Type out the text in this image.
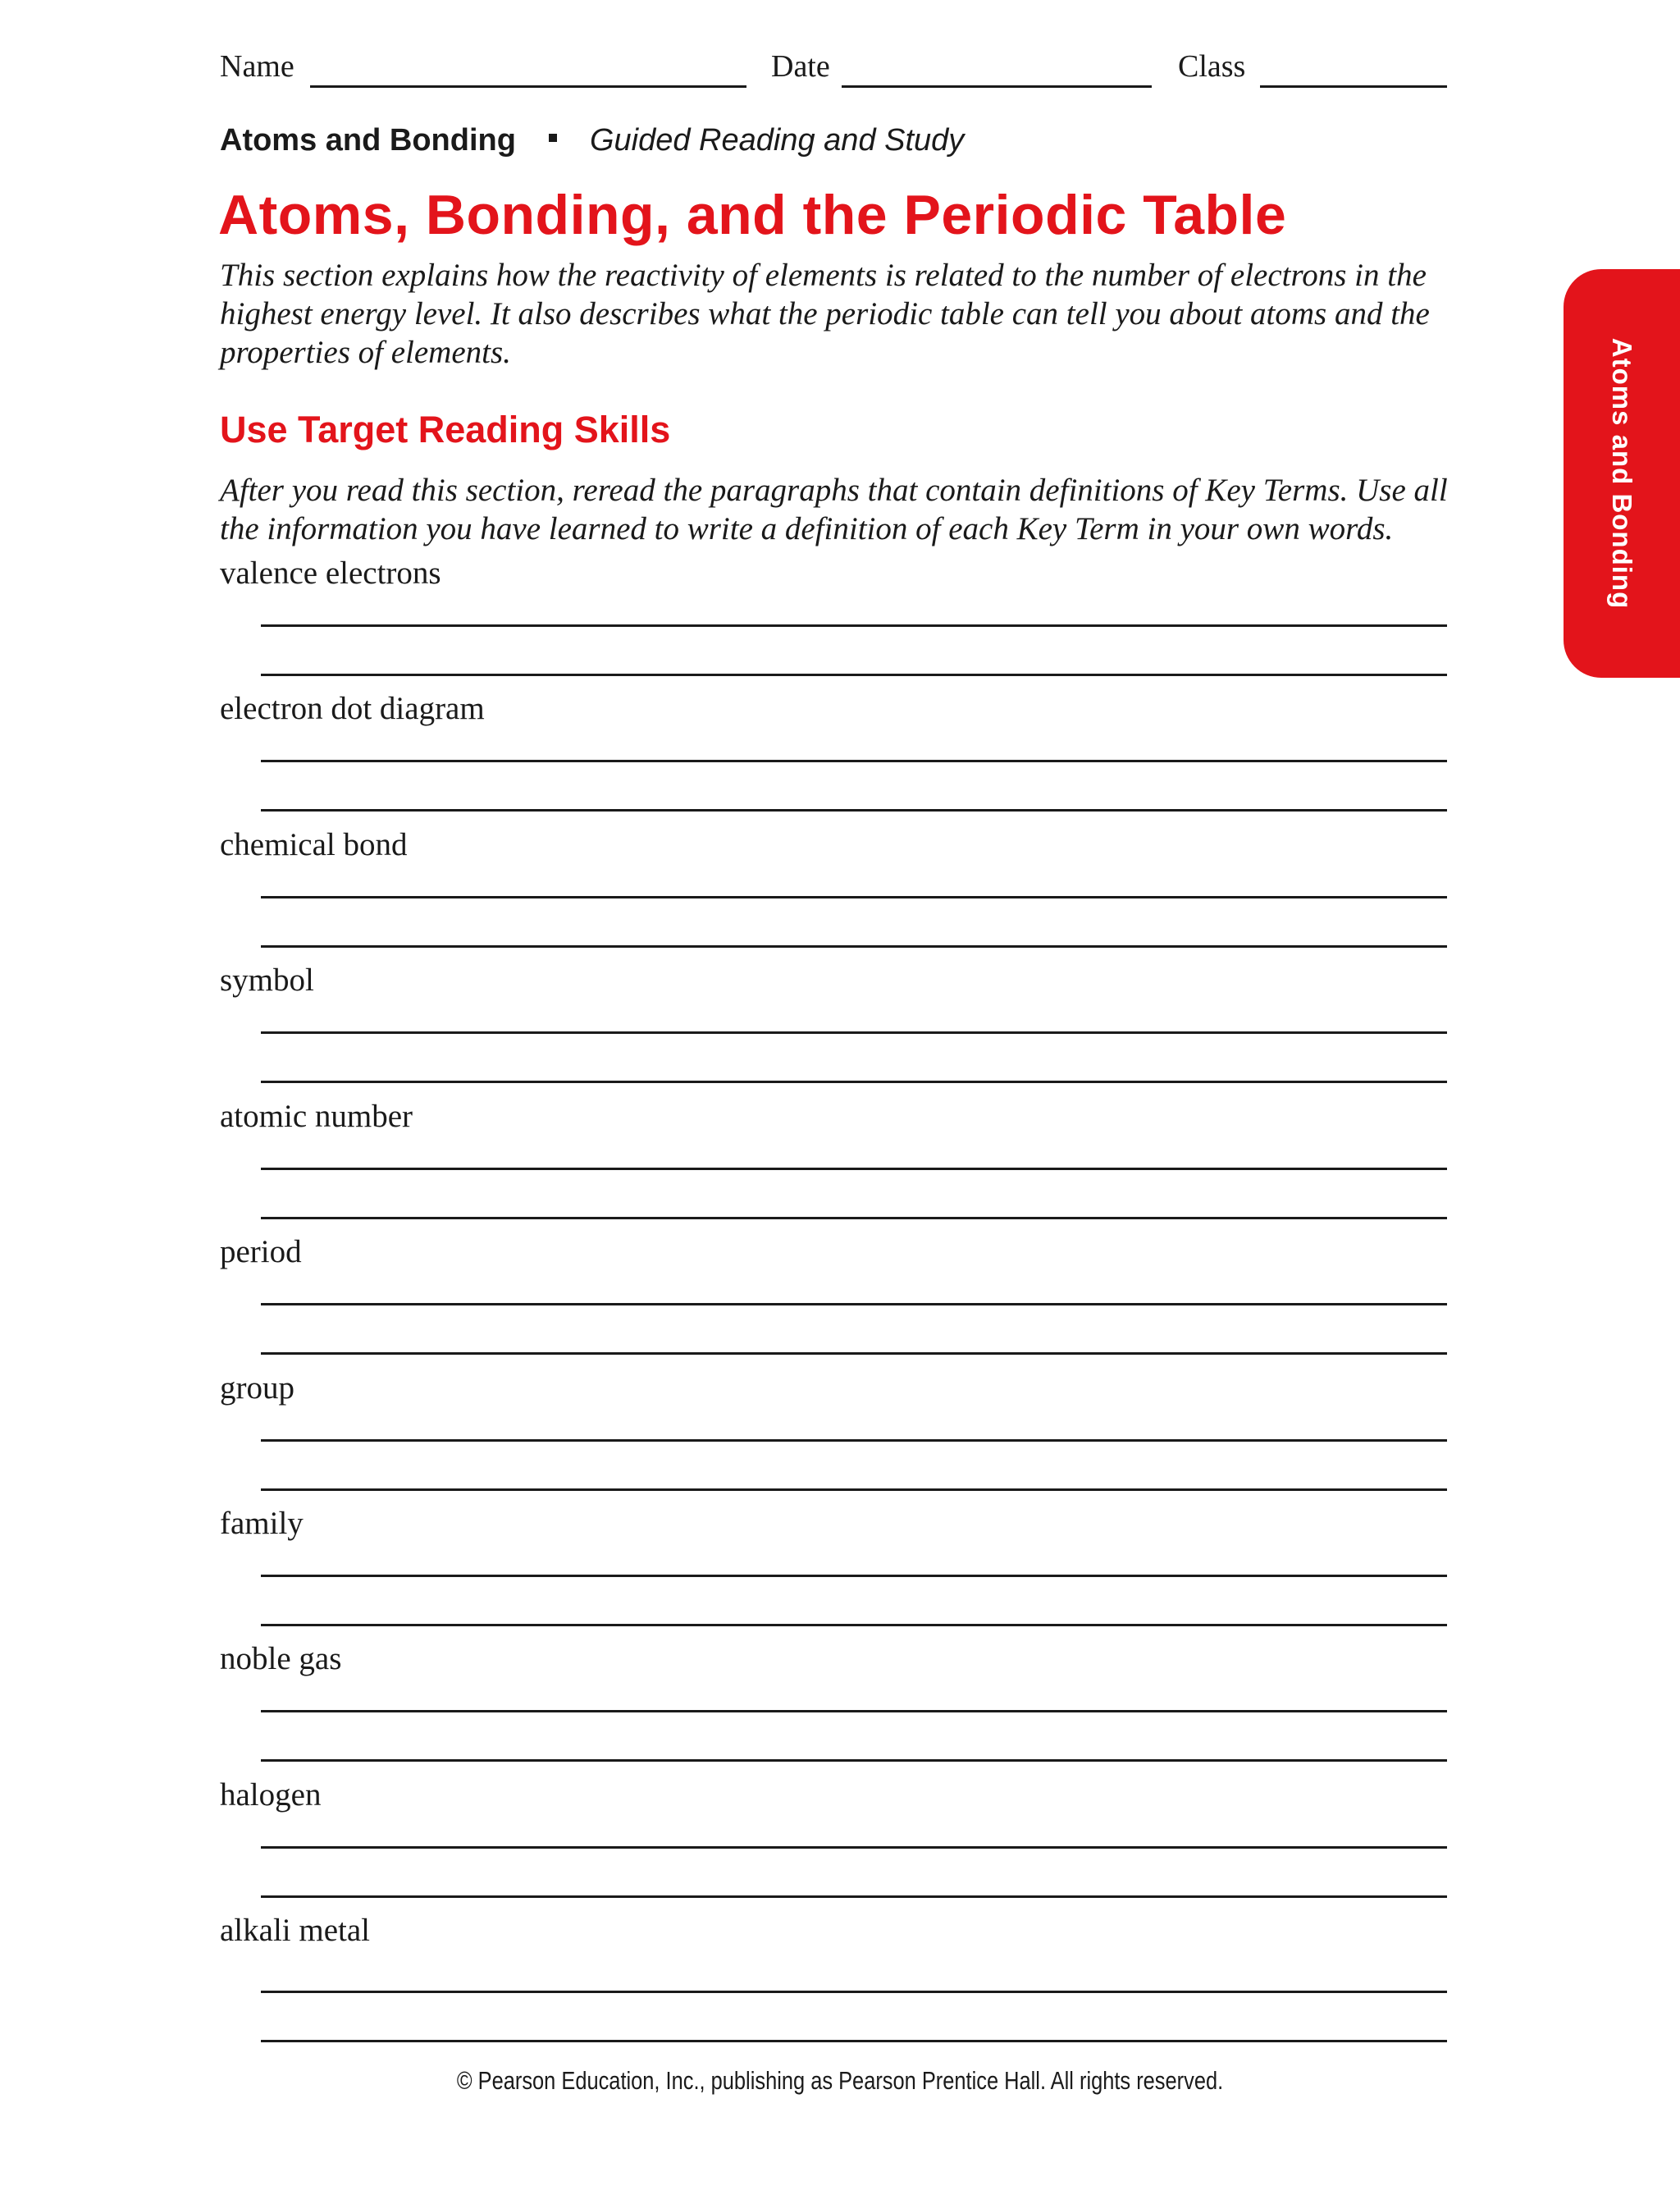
Name	Date	Class
Atoms and Bonding Guided Reading and Study
Atoms, Bonding, and the Periodic Table
This section explains how the reactivity of elements is related to the number of electrons in the highest energy level. It also describes what the periodic table can tell you about atoms and the properties of elements.
Use Target Reading Skills
After you read this section, reread the paragraphs that contain definitions of Key Terms. Use all the information you have learned to write a definition of each Key Term in your own words.
valence electrons
electron dot diagram
chemical bond
symbol
atomic number
period
group
family
noble gas
halogen
alkali metal
Atoms and Bonding
© Pearson Education, Inc., publishing as Pearson Prentice Hall. All rights reserved.
